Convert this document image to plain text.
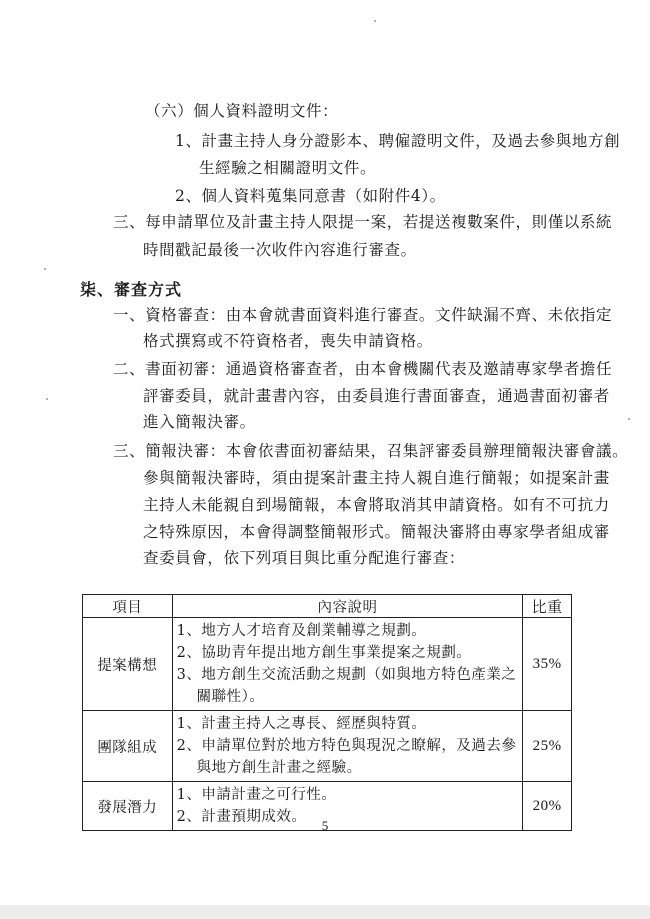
（六）個人資料證明文件：
1、計畫主持人身分證影本、聘僱證明文件，及過去參與地方創
生經驗之相關證明文件。
2、個人資料蒐集同意書（如附件4）。
三、每申請單位及計畫主持人限提一案，若提送複數案件，則僅以系統
時間戳記最後一次收件內容進行審查。
柒、審查方式
一、資格審查：由本會就書面資料進行審查。文件缺漏不齊、未依指定
格式撰寫或不符資格者，喪失申請資格。
二、書面初審：通過資格審查者，由本會機關代表及邀請專家學者擔任
評審委員，就計畫書內容，由委員進行書面審查，通過書面初審者
進入簡報決審。
三、簡報決審：本會依書面初審結果，召集評審委員辦理簡報決審會議。
參與簡報決審時，須由提案計畫主持人親自進行簡報；如提案計畫
主持人未能親自到場簡報，本會將取消其申請資格。如有不可抗力
之特殊原因，本會得調整簡報形式。簡報決審將由專家學者組成審
查委員會，依下列項目與比重分配進行審查：
項目	內容說明	比重
提案構想	1、地方人才培育及創業輔導之規劃。
2、協助青年提出地方創生事業提案之規劃。
3、地方創生交流活動之規劃（如與地方特色產業之
關聯性）。	35%
團隊組成	1、計畫主持人之專長、經歷與特質。
2、申請單位對於地方特色與現況之瞭解，及過去參
與地方創生計畫之經驗。	25%
發展潛力	1、申請計畫之可行性。
2、計畫預期成效。	20%
5
